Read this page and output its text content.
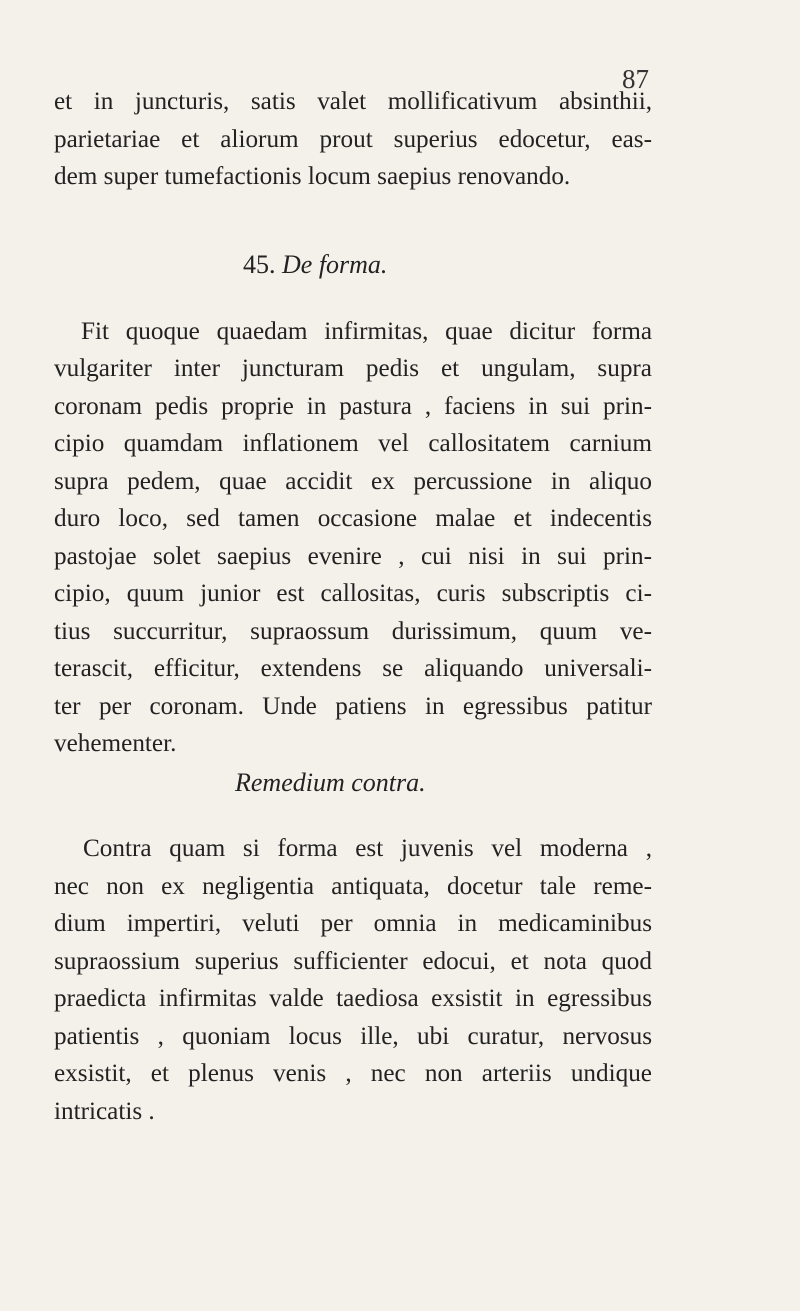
87
et in juncturis, satis valet mollificativum absinthii,
parietariae et aliorum prout superius edocetur, eas-
dem super tumefactionis locum saepius renovando.
45. De forma.
Fit quoque quaedam infirmitas, quae dicitur forma
vulgariter inter juncturam pedis et ungulam, supra
coronam pedis proprie in pastura , faciens in sui prin-
cipio quamdam inflationem vel callositatem carnium
supra pedem, quae accidit ex percussione in aliquo
duro loco, sed tamen occasione malae et indecentis
pastojae solet saepius evenire , cui nisi in sui prin-
cipio, quum junior est callositas, curis subscriptis ci-
tius succurritur, supraossum durissimum, quum ve-
terascit, efficitur, extendens se aliquando universali-
ter per coronam. Unde patiens in egressibus patitur
vehementer.
Remedium contra.
Contra quam si forma est juvenis vel moderna ,
nec non ex negligentia antiquata, docetur tale reme-
dium impertiri, veluti per omnia in medicaminibus
supraossium superius sufficienter edocui, et nota quod
praedicta infirmitas valde taediosa exsistit in egressibus
patientis , quoniam locus ille, ubi curatur, nervosus
exsistit, et plenus venis , nec non arteriis undique
intricatis .
